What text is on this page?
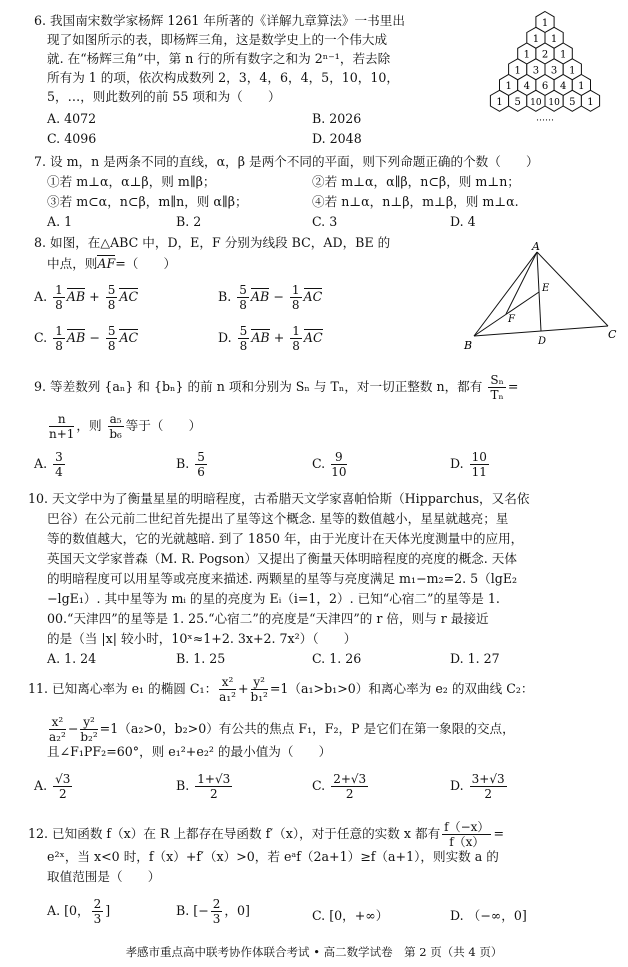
6. 我国南宋数学家杨辉 1261 年所著的《详解九章算法》一书里出
现了如图所示的表，即杨辉三角，这是数学史上的一个伟大成
就. 在“杨辉三角”中，第 n 行的所有数字之和为 2ⁿ⁻¹，若去除
所有为 1 的项，依次构成数列 2，3，4，6，4，5，10，10，
5，…，则此数列的前 55 项和为（　　）
A. 4072	B. 2026
C. 4096	D. 2048
1
1 1
1 2 1
1 3 3 1
1 4 6 4 1
1 5 10 10 5 1
……
7. 设 m，n 是两条不同的直线，α，β 是两个不同的平面，则下列命题正确的个数（　　）
①若 m⊥α，α⊥β，则 m∥β；	②若 m⊥α，α∥β，n⊂β，则 m⊥n；
③若 m⊂α，n⊂β，m∥n，则 α∥β；	④若 n⊥α，n⊥β，m⊥β，则 m⊥α.
A. 1	B. 2	C. 3	D. 4
8. 如图，在△ABC 中，D，E，F 分别为线段 BC，AD，BE 的
中点，则AF=（　　）
A. $\frac{1}{8}$ AB + $\frac{5}{8}$ AC	B. $\frac{5}{8}$ AB − $\frac{1}{8}$ AC
C. $\frac{1}{8}$ AB − $\frac{5}{8}$ AC	D. $\frac{5}{8}$ AB + $\frac{1}{8}$ AC
A
B
C
D
E
F
9. 等差数列 {aₙ} 和 {bₙ} 的前 n 项和分别为 Sₙ 与 Tₙ，对一切正整数 n，都有 $\frac{\text{Sₙ}}{\text{Tₙ}}$ =
$\frac{n}{n+1}$ ，则 $\frac{\text{a₅}}{\text{b₆}}$ 等于（　　）
A. $\frac{3}{4}$	B. $\frac{5}{6}$	C. $\frac{9}{10}$	D. $\frac{10}{11}$
10. 天文学中为了衡量星星的明暗程度，古希腊天文学家喜帕恰斯（Hipparchus，又名依
巴谷）在公元前二世纪首先提出了星等这个概念. 星等的数值越小，星星就越亮；星
等的数值越大，它的光就越暗. 到了 1850 年，由于光度计在天体光度测量中的应用，
英国天文学家普森（M. R. Pogson）又提出了衡量天体明暗程度的亮度的概念. 天体
的明暗程度可以用星等或亮度来描述. 两颗星的星等与亮度满足 m₁−m₂=2. 5（lgE₂
−lgE₁）. 其中星等为 mᵢ 的星的亮度为 Eᵢ（i=1，2）. 已知“心宿二”的星等是 1.
00.“天津四”的星等是 1. 25.“心宿二”的亮度是“天津四”的 r 倍，则与 r 最接近
的是（当 |x| 较小时，10ˣ≈1+2. 3x+2. 7x²）（　　）
A. 1. 24	B. 1. 25	C. 1. 26	D. 1. 27
11. 已知离心率为 e₁ 的椭圆 C₁： $\frac{\text{x²}}{\text{a₁²}} + \frac{\text{y²}}{\text{b₁²}} =1(a_1>b_1>0)$和离心率为 e₂ 的双曲线 C₂：
$\frac{\text{x²}}{\text{a₂²}} - \frac{\text{y²}}{\text{b₂²}} =1(a_2>0$，b₂>0）有公共的焦点 F₁，F₂，P 是它们在第一象限的交点，
且∠F₁PF₂=60°，则 e₁²+e₂² 的最小值为（　　）
A. $\frac{√3}{2}$	B. $\frac{1+√3}{2}$	C. $\frac{2+√3}{2}$	D. $\frac{3+√3}{2}$
12. 已知函数 f（x）在 R 上都存在导函数 f′（x），对于任意的实数 x 都有 $\frac{f(-x)}{f(x)}$ =
e²ˣ，当 x<0 时，f（x）+f′（x）>0，若 eᵃf（2a+1）≥f（a+1），则实数 a 的
取值范围是（　　）
A. [0， $\frac{2}{3}$ ]	B. [− $\frac{2}{3}$ ，0]	C. [0，+∞）	D. （−∞，0]
孝感市重点高中联考协作体联合考试 • 高二数学试卷　第 2 页（共 4 页）
